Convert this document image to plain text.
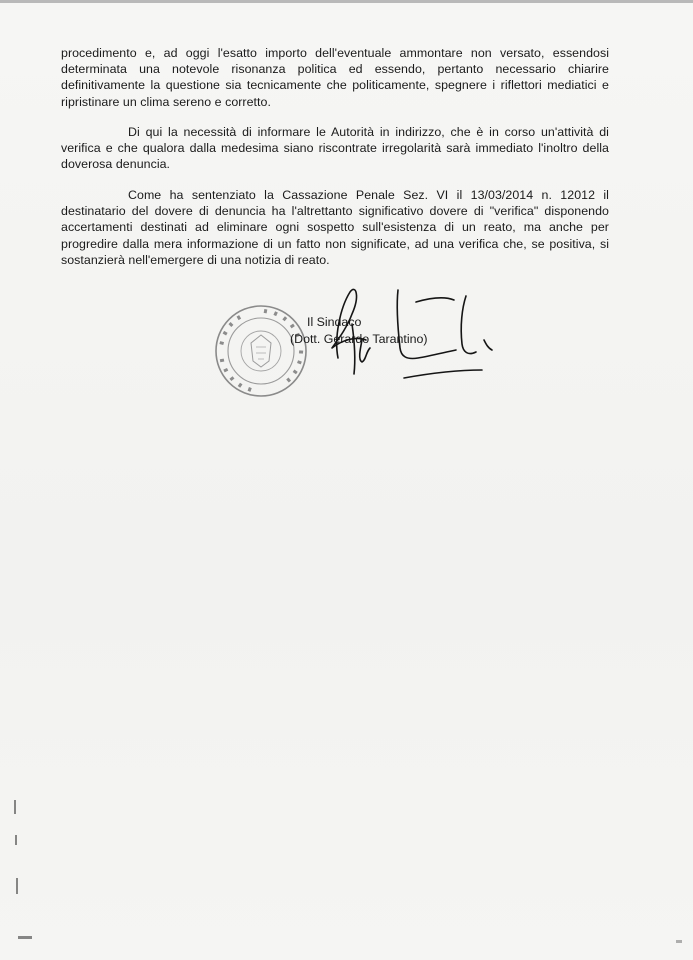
procedimento e, ad oggi l'esatto importo dell'eventuale ammontare non versato, essendosi determinata una notevole risonanza politica ed essendo, pertanto necessario chiarire definitivamente la questione sia tecnicamente che politicamente, spegnere i riflettori mediatici e ripristinare un clima sereno e corretto.

Di qui la necessità di informare le Autorità in indirizzo, che è in corso un'attività di verifica e che qualora dalla medesima siano riscontrate irregolarità sarà immediato l'inoltro della doverosa denuncia.

Come ha sentenziato la Cassazione Penale Sez. VI il 13/03/2014 n. 12012 il destinatario del dovere di denuncia ha l'altrettanto significativo dovere di "verifica" disponendo accertamenti destinati ad eliminare ogni sospetto sull'esistenza di un reato, ma anche per progredire dalla mera informazione di un fatto non significate, ad una verifica che, se positiva, si sostanzierà nell'emergere di una notizia di reato.

Il Sindaco
(Dott. Gerardo Tarantino)
